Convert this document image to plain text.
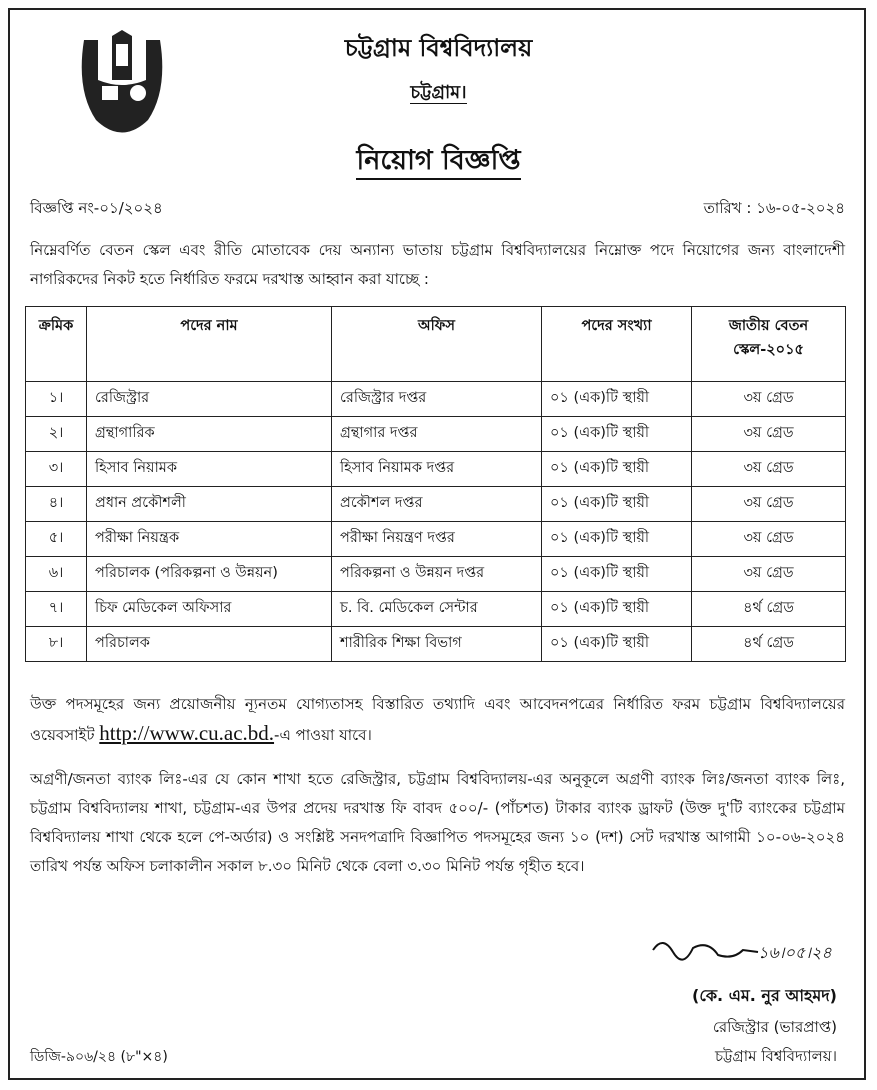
চট্টগ্রাম বিশ্ববিদ্যালয়
চট্টগ্রাম।
নিয়োগ বিজ্ঞপ্তি
বিজ্ঞপ্তি নং-০১/২০২৪	তারিখ : ১৬-০৫-২০২৪
নিম্নেবর্ণিত বেতন স্কেল এবং রীতি মোতাবেক দেয় অন্যান্য ভাতায় চট্টগ্রাম বিশ্ববিদ্যালয়ের নিম্নোক্ত পদে নিয়োগের জন্য বাংলাদেশী নাগরিকদের নিকট হতে নির্ধারিত ফরমে দরখাস্ত আহ্বান করা যাচ্ছে :
ক্রমিক	পদের নাম	অফিস	পদের সংখ্যা	জাতীয় বেতন স্কেল-২০১৫
১।	রেজিস্ট্রার	রেজিস্ট্রার দপ্তর	০১ (এক)টি স্থায়ী	৩য় গ্রেড
২।	গ্রন্থাগারিক	গ্রন্থাগার দপ্তর	০১ (এক)টি স্থায়ী	৩য় গ্রেড
৩।	হিসাব নিয়ামক	হিসাব নিয়ামক দপ্তর	০১ (এক)টি স্থায়ী	৩য় গ্রেড
৪।	প্রধান প্রকৌশলী	প্রকৌশল দপ্তর	০১ (এক)টি স্থায়ী	৩য় গ্রেড
৫।	পরীক্ষা নিয়ন্ত্রক	পরীক্ষা নিয়ন্ত্রণ দপ্তর	০১ (এক)টি স্থায়ী	৩য় গ্রেড
৬।	পরিচালক (পরিকল্পনা ও উন্নয়ন)	পরিকল্পনা ও উন্নয়ন দপ্তর	০১ (এক)টি স্থায়ী	৩য় গ্রেড
৭।	চিফ মেডিকেল অফিসার	চ. বি. মেডিকেল সেন্টার	০১ (এক)টি স্থায়ী	৪র্থ গ্রেড
৮।	পরিচালক	শারীরিক শিক্ষা বিভাগ	০১ (এক)টি স্থায়ী	৪র্থ গ্রেড
উক্ত পদসমূহের জন্য প্রয়োজনীয় ন্যূনতম যোগ্যতাসহ বিস্তারিত তথ্যাদি এবং আবেদনপত্রের নির্ধারিত ফরম চট্টগ্রাম বিশ্ববিদ্যালয়ের ওয়েবসাইট http://www.cu.ac.bd.-এ পাওয়া যাবে।
অগ্রণী/জনতা ব্যাংক লিঃ-এর যে কোন শাখা হতে রেজিস্ট্রার, চট্টগ্রাম বিশ্ববিদ্যালয়-এর অনুকূলে অগ্রণী ব্যাংক লিঃ/জনতা ব্যাংক লিঃ, চট্টগ্রাম বিশ্ববিদ্যালয় শাখা, চট্টগ্রাম-এর উপর প্রদেয় দরখাস্ত ফি বাবদ ৫০০/- (পাঁচশত) টাকার ব্যাংক ড্রাফট (উক্ত দু'টি ব্যাংকের চট্টগ্রাম বিশ্ববিদ্যালয় শাখা থেকে হলে পে-অর্ডার) ও সংশ্লিষ্ট সনদপত্রাদি বিজ্ঞাপিত পদসমূহের জন্য ১০ (দশ) সেট দরখাস্ত আগামী ১০-০৬-২০২৪ তারিখ পর্যন্ত অফিস চলাকালীন সকাল ৮.৩০ মিনিট থেকে বেলা ৩.৩০ মিনিট পর্যন্ত গৃহীত হবে।
১৬।০৫।২৪
(কে. এম. নুর আহমদ)
রেজিস্ট্রার (ভারপ্রাপ্ত)
চট্টগ্রাম বিশ্ববিদ্যালয়।
ডিজি-৯০৬/২৪ (৮"×৪)
